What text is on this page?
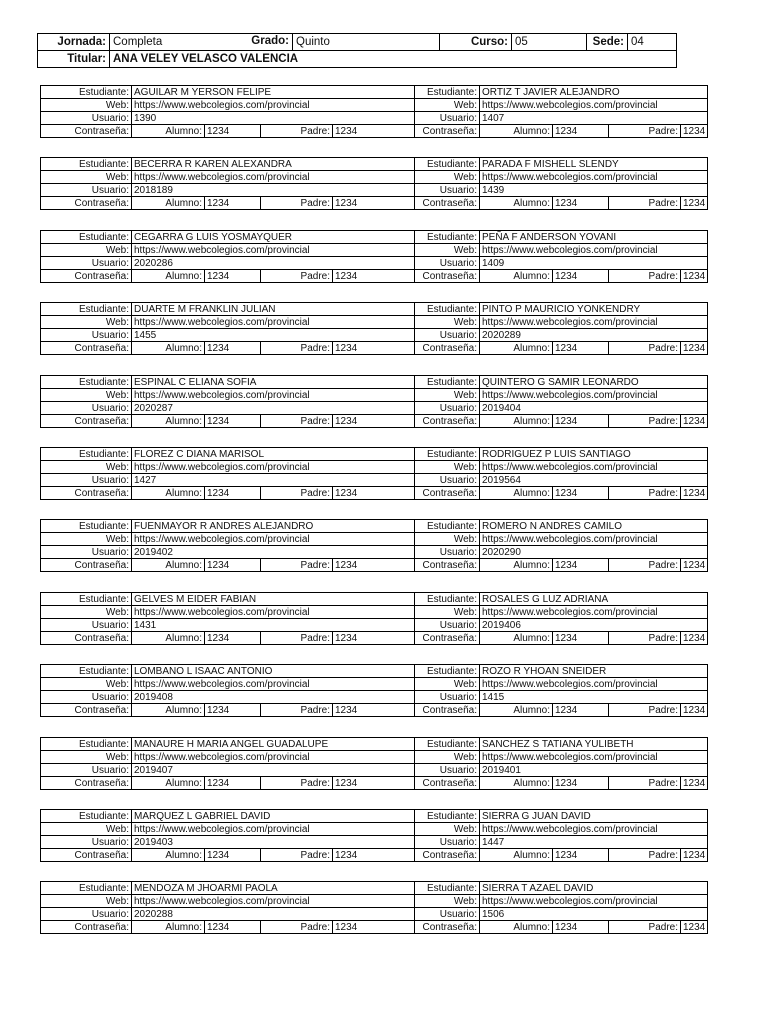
Jornada: Completa	Grado: Quinto	Curso: 05	Sede: 04
Titular: ANA VELEY VELASCO VALENCIA
Estudiante: AGUILAR M YERSON FELIPE
Web: https://www.webcolegios.com/provincial
Usuario: 1390
Contraseña:	Alumno: 1234	Padre: 1234
Estudiante: ORTIZ T JAVIER ALEJANDRO
Web: https://www.webcolegios.com/provincial
Usuario: 1407
Contraseña:	Alumno: 1234	Padre: 1234
Estudiante: BECERRA R KAREN ALEXANDRA
Web: https://www.webcolegios.com/provincial
Usuario: 2018189
Contraseña:	Alumno: 1234	Padre: 1234
Estudiante: PARADA F MISHELL SLENDY
Web: https://www.webcolegios.com/provincial
Usuario: 1439
Contraseña:	Alumno: 1234	Padre: 1234
Estudiante: CEGARRA G LUIS YOSMAYQUER
Web: https://www.webcolegios.com/provincial
Usuario: 2020286
Contraseña:	Alumno: 1234	Padre: 1234
Estudiante: PEÑA F ANDERSON YOVANI
Web: https://www.webcolegios.com/provincial
Usuario: 1409
Contraseña:	Alumno: 1234	Padre: 1234
Estudiante: DUARTE M FRANKLIN JULIAN
Web: https://www.webcolegios.com/provincial
Usuario: 1455
Contraseña:	Alumno: 1234	Padre: 1234
Estudiante: PINTO P MAURICIO YONKENDRY
Web: https://www.webcolegios.com/provincial
Usuario: 2020289
Contraseña:	Alumno: 1234	Padre: 1234
Estudiante: ESPINAL C ELIANA SOFIA
Web: https://www.webcolegios.com/provincial
Usuario: 2020287
Contraseña:	Alumno: 1234	Padre: 1234
Estudiante: QUINTERO G SAMIR LEONARDO
Web: https://www.webcolegios.com/provincial
Usuario: 2019404
Contraseña:	Alumno: 1234	Padre: 1234
Estudiante: FLOREZ C DIANA MARISOL
Web: https://www.webcolegios.com/provincial
Usuario: 1427
Contraseña:	Alumno: 1234	Padre: 1234
Estudiante: RODRIGUEZ P LUIS SANTIAGO
Web: https://www.webcolegios.com/provincial
Usuario: 2019564
Contraseña:	Alumno: 1234	Padre: 1234
Estudiante: FUENMAYOR R ANDRES ALEJANDRO
Web: https://www.webcolegios.com/provincial
Usuario: 2019402
Contraseña:	Alumno: 1234	Padre: 1234
Estudiante: ROMERO N ANDRES CAMILO
Web: https://www.webcolegios.com/provincial
Usuario: 2020290
Contraseña:	Alumno: 1234	Padre: 1234
Estudiante: GELVES M EIDER FABIAN
Web: https://www.webcolegios.com/provincial
Usuario: 1431
Contraseña:	Alumno: 1234	Padre: 1234
Estudiante: ROSALES G LUZ ADRIANA
Web: https://www.webcolegios.com/provincial
Usuario: 2019406
Contraseña:	Alumno: 1234	Padre: 1234
Estudiante: LOMBANO L ISAAC ANTONIO
Web: https://www.webcolegios.com/provincial
Usuario: 2019408
Contraseña:	Alumno: 1234	Padre: 1234
Estudiante: ROZO R YHOAN SNEIDER
Web: https://www.webcolegios.com/provincial
Usuario: 1415
Contraseña:	Alumno: 1234	Padre: 1234
Estudiante: MANAURE H MARIA ANGEL GUADALUPE
Web: https://www.webcolegios.com/provincial
Usuario: 2019407
Contraseña:	Alumno: 1234	Padre: 1234
Estudiante: SANCHEZ S TATIANA YULIBETH
Web: https://www.webcolegios.com/provincial
Usuario: 2019401
Contraseña:	Alumno: 1234	Padre: 1234
Estudiante: MARQUEZ L GABRIEL DAVID
Web: https://www.webcolegios.com/provincial
Usuario: 2019403
Contraseña:	Alumno: 1234	Padre: 1234
Estudiante: SIERRA G JUAN DAVID
Web: https://www.webcolegios.com/provincial
Usuario: 1447
Contraseña:	Alumno: 1234	Padre: 1234
Estudiante: MENDOZA M JHOARMI PAOLA
Web: https://www.webcolegios.com/provincial
Usuario: 2020288
Contraseña:	Alumno: 1234	Padre: 1234
Estudiante: SIERRA T AZAEL DAVID
Web: https://www.webcolegios.com/provincial
Usuario: 1506
Contraseña:	Alumno: 1234	Padre: 1234
